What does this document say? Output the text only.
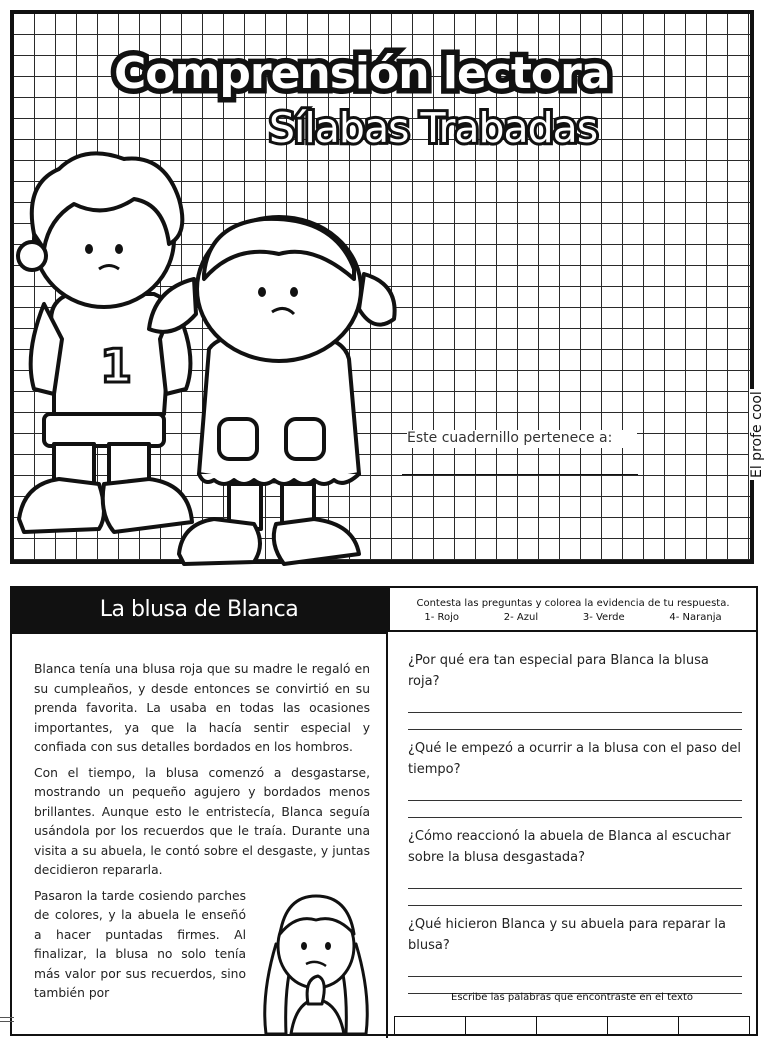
Comprensión lectora
Sílabas Trabadas
1
Este cuadernillo pertenece a:	El profe cool
La blusa de Blanca	Contesta las preguntas y colorea la evidencia de tu respuesta.
1- Rojo	2- Azul	3- Verde	4- Naranja

Blanca tenía una blusa roja que su madre le regaló en su cumpleaños, y desde entonces se convirtió en su prenda favorita. La usaba en todas las ocasiones importantes, ya que la hacía sentir especial y confiada con sus detalles bordados en los hombros.

Con el tiempo, la blusa comenzó a desgastarse, mostrando un pequeño agujero y bordados menos brillantes. Aunque esto le entristecía, Blanca seguía usándola por los recuerdos que le traía. Durante una visita a su abuela, le contó sobre el desgaste, y juntas decidieron repararla.

Pasaron la tarde cosiendo parches de colores, y la abuela le enseñó a hacer puntadas firmes. Al finalizar, la blusa no solo tenía más valor por sus recuerdos, sino también por

¿Por qué era tan especial para Blanca la blusa roja?
¿Qué le empezó a ocurrir a la blusa con el paso del tiempo?
¿Cómo reaccionó la abuela de Blanca al escuchar sobre la blusa desgastada?
¿Qué hicieron Blanca y su abuela para reparar la blusa?
Escribe las palabras que encontraste en el texto
